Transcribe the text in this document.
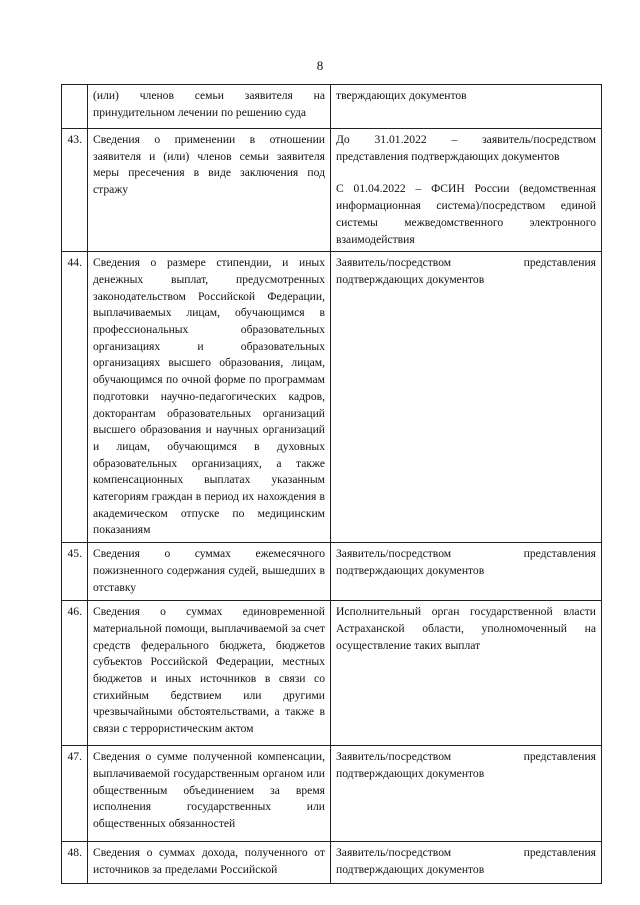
8
	(или) членов семьи заявителя на принудительном лечении по решению суда	тверждающих документов

43.	Сведения о применении в отношении заявителя и (или) членов семьи заявителя меры пресечения в виде заключения под стражу	До 31.01.2022 – заявитель/посредством представления подтверждающих документов
С 01.04.2022 – ФСИН России (ведомственная информационная система)/посредством единой системы межведомственного электронного взаимодействия

44.	Сведения о размере стипендии, и иных денежных выплат, предусмотренных законодательством Российской Федерации, выплачиваемых лицам, обучающимся в профессиональных образовательных организациях и образовательных организациях высшего образования, лицам, обучающимся по очной форме по программам подготовки научно-педагогических кадров, докторантам образовательных организаций высшего образования и научных организаций и лицам, обучающимся в духовных образовательных организациях, а также компенсационных выплатах указанным категориям граждан в период их нахождения в академическом отпуске по медицинским показаниям	Заявитель/посредством представления подтверждающих документов

45.	Сведения о суммах ежемесячного пожизненного содержания судей, вышедших в отставку	Заявитель/посредством представления подтверждающих документов

46.	Сведения о суммах единовременной материальной помощи, выплачиваемой за счет средств федерального бюджета, бюджетов субъектов Российской Федерации, местных бюджетов и иных источников в связи со стихийным бедствием или другими чрезвычайными обстоятельствами, а также в связи с террористическим актом	Исполнительный орган государственной власти Астраханской области, уполномоченный на осуществление таких выплат

47.	Сведения о сумме полученной компенсации, выплачиваемой государственным органом или общественным объединением за время исполнения государственных или общественных обязанностей	Заявитель/посредством представления подтверждающих документов

48.	Сведения о суммах дохода, полученного от источников за пределами Российской	Заявитель/посредством представления подтверждающих документов
